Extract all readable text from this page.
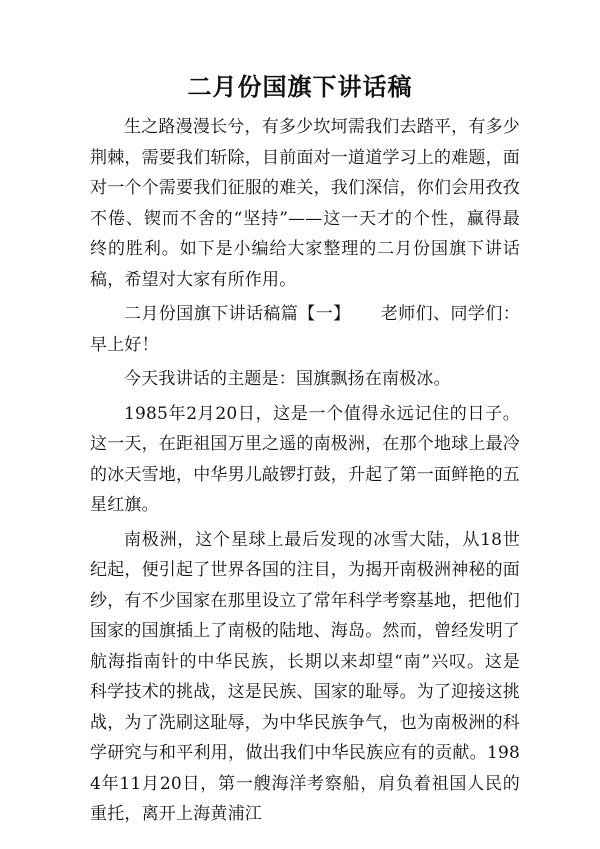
二月份国旗下讲话稿

生之路漫漫长兮，有多少坎坷需我们去踏平，有多少荆棘，需要我们斩除，目前面对一道道学习上的难题，面对一个个需要我们征服的难关，我们深信，你们会用孜孜不倦、锲而不舍的“坚持”——这一天才的个性，赢得最终的胜利。如下是小编给大家整理的二月份国旗下讲话稿，希望对大家有所作用。

二月份国旗下讲话稿篇【一】 老师们、同学们：早上好！

今天我讲话的主题是：国旗飘扬在南极冰。

1985年2月20日，这是一个值得永远记住的日子。这一天，在距祖国万里之遥的南极洲，在那个地球上最冷的冰天雪地，中华男儿敲锣打鼓，升起了第一面鲜艳的五星红旗。

南极洲，这个星球上最后发现的冰雪大陆，从18世纪起，便引起了世界各国的注目，为揭开南极洲神秘的面纱，有不少国家在那里设立了常年科学考察基地，把他们国家的国旗插上了南极的陆地、海岛。然而，曾经发明了航海指南针的中华民族，长期以来却望“南”兴叹。这是科学技术的挑战，这是民族、国家的耻辱。为了迎接这挑战，为了洗刷这耻辱，为中华民族争气，也为南极洲的科学研究与和平利用，做出我们中华民族应有的贡献。1984年11月20日，第一艘海洋考察船，肩负着祖国人民的重托，离开上海黄浦江
